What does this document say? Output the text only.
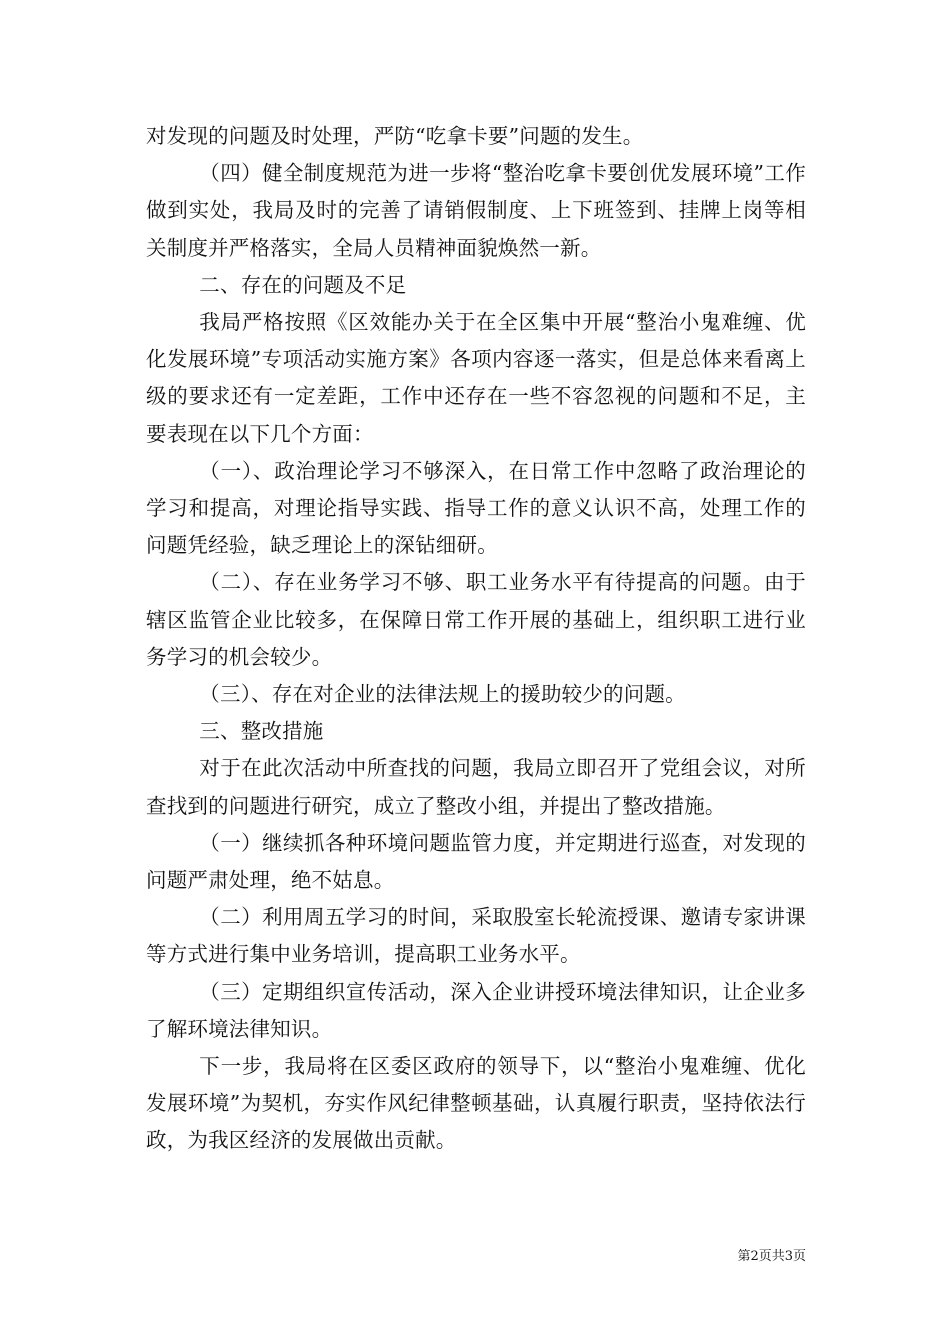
对发现的问题及时处理，严防“吃拿卡要”问题的发生。

（四）健全制度规范为进一步将“整治吃拿卡要创优发展环境”工作做到实处，我局及时的完善了请销假制度、上下班签到、挂牌上岗等相关制度并严格落实，全局人员精神面貌焕然一新。

二、存在的问题及不足

我局严格按照《区效能办关于在全区集中开展“整治小鬼难缠、优化发展环境”专项活动实施方案》各项内容逐一落实，但是总体来看离上级的要求还有一定差距，工作中还存在一些不容忽视的问题和不足，主要表现在以下几个方面：

（一）、政治理论学习不够深入，在日常工作中忽略了政治理论的学习和提高，对理论指导实践、指导工作的意义认识不高，处理工作的问题凭经验，缺乏理论上的深钻细研。

（二）、存在业务学习不够、职工业务水平有待提高的问题。由于辖区监管企业比较多，在保障日常工作开展的基础上，组织职工进行业务学习的机会较少。

（三）、存在对企业的法律法规上的援助较少的问题。

三、整改措施

对于在此次活动中所查找的问题，我局立即召开了党组会议，对所查找到的问题进行研究，成立了整改小组，并提出了整改措施。

（一）继续抓各种环境问题监管力度，并定期进行巡查，对发现的问题严肃处理，绝不姑息。

（二）利用周五学习的时间，采取股室长轮流授课、邀请专家讲课等方式进行集中业务培训，提高职工业务水平。

（三）定期组织宣传活动，深入企业讲授环境法律知识，让企业多了解环境法律知识。

下一步，我局将在区委区政府的领导下，以“整治小鬼难缠、优化发展环境”为契机，夯实作风纪律整顿基础，认真履行职责，坚持依法行政，为我区经济的发展做出贡献。

第2页共3页
